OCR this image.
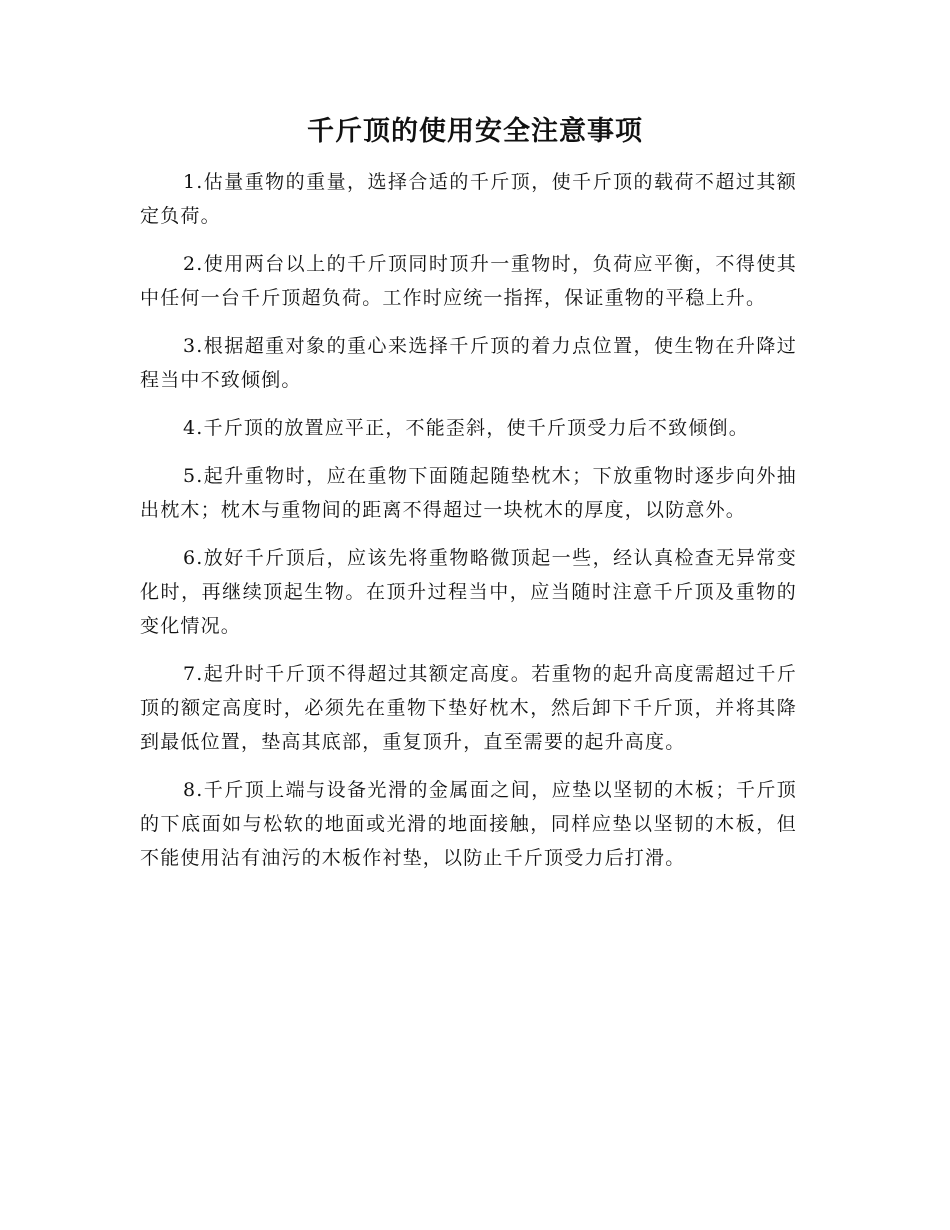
千斤顶的使用安全注意事项

1.估量重物的重量，选择合适的千斤顶，使千斤顶的载荷不超过其额定负荷。

2.使用两台以上的千斤顶同时顶升一重物时，负荷应平衡，不得使其中任何一台千斤顶超负荷。工作时应统一指挥，保证重物的平稳上升。

3.根据超重对象的重心来选择千斤顶的着力点位置，使生物在升降过程当中不致倾倒。

4.千斤顶的放置应平正，不能歪斜，使千斤顶受力后不致倾倒。

5.起升重物时，应在重物下面随起随垫枕木；下放重物时逐步向外抽出枕木；枕木与重物间的距离不得超过一块枕木的厚度，以防意外。

6.放好千斤顶后，应该先将重物略微顶起一些，经认真检查无异常变化时，再继续顶起生物。在顶升过程当中，应当随时注意千斤顶及重物的变化情况。

7.起升时千斤顶不得超过其额定高度。若重物的起升高度需超过千斤顶的额定高度时，必须先在重物下垫好枕木，然后卸下千斤顶，并将其降到最低位置，垫高其底部，重复顶升，直至需要的起升高度。

8.千斤顶上端与设备光滑的金属面之间，应垫以坚韧的木板；千斤顶的下底面如与松软的地面或光滑的地面接触，同样应垫以坚韧的木板，但不能使用沾有油污的木板作衬垫，以防止千斤顶受力后打滑。
